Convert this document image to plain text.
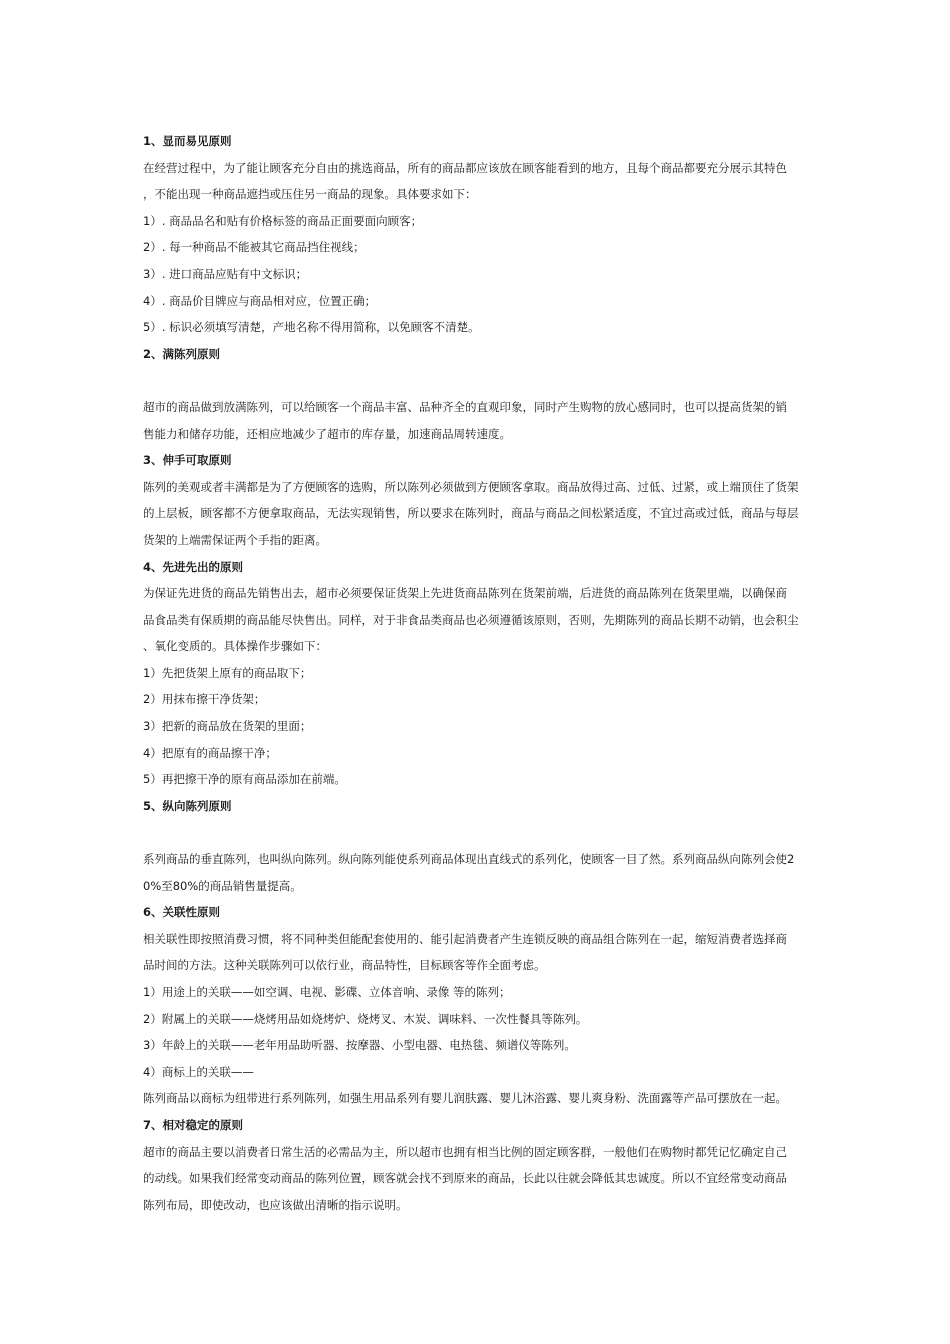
1、显而易见原则
在经营过程中，为了能让顾客充分自由的挑选商品，所有的商品都应该放在顾客能看到的地方，且每个商品都要充分展示其特色
，不能出现一种商品遮挡或压住另一商品的现象。具体要求如下：
1）. 商品品名和贴有价格标签的商品正面要面向顾客；
2）. 每一种商品不能被其它商品挡住视线；
3）. 进口商品应贴有中文标识；
4）. 商品价目牌应与商品相对应，位置正确；
5）. 标识必须填写清楚，产地名称不得用简称，以免顾客不清楚。
2、满陈列原则
超市的商品做到放满陈列，可以给顾客一个商品丰富、品种齐全的直观印象，同时产生购物的放心感同时，也可以提高货架的销
售能力和储存功能，还相应地减少了超市的库存量，加速商品周转速度。
3、伸手可取原则
陈列的美观或者丰满都是为了方便顾客的选购，所以陈列必须做到方便顾客拿取。商品放得过高、过低、过紧，或上端顶住了货架
的上层板，顾客都不方便拿取商品，无法实现销售，所以要求在陈列时，商品与商品之间松紧适度，不宜过高或过低，商品与每层
货架的上端需保证两个手指的距离。
4、先进先出的原则
为保证先进货的商品先销售出去，超市必须要保证货架上先进货商品陈列在货架前端，后进货的商品陈列在货架里端，以确保商
品食品类有保质期的商品能尽快售出。同样，对于非食品类商品也必须遵循该原则，否则，先期陈列的商品长期不动销，也会积尘
、氧化变质的。具体操作步骤如下：
1）先把货架上原有的商品取下；
2）用抹布擦干净货架；
3）把新的商品放在货架的里面；
4）把原有的商品擦干净；
5）再把擦干净的原有商品添加在前端。
5、纵向陈列原则
系列商品的垂直陈列，也叫纵向陈列。纵向陈列能使系列商品体现出直线式的系列化，使顾客一目了然。系列商品纵向陈列会使2
0%至80%的商品销售量提高。
6、关联性原则
相关联性即按照消费习惯，将不同种类但能配套使用的、能引起消费者产生连锁反映的商品组合陈列在一起，缩短消费者选择商
品时间的方法。这种关联陈列可以依行业，商品特性，目标顾客等作全面考虑。
1）用途上的关联——如空调、电视、影碟、立体音响、录像 等的陈列；
2）附属上的关联——烧烤用品如烧烤炉、烧烤叉、木炭、调味料、一次性餐具等陈列。
3）年龄上的关联——老年用品助听器、按摩器、小型电器、电热毯、频谱仪等陈列。
4）商标上的关联——
陈列商品以商标为纽带进行系列陈列，如强生用品系列有婴儿润肤露、婴儿沐浴露、婴儿爽身粉、洗面露等产品可摆放在一起。
7、相对稳定的原则
超市的商品主要以消费者日常生活的必需品为主，所以超市也拥有相当比例的固定顾客群，一般他们在购物时都凭记忆确定自己
的动线。如果我们经常变动商品的陈列位置，顾客就会找不到原来的商品，长此以往就会降低其忠诚度。所以不宜经常变动商品
陈列布局，即使改动，也应该做出清晰的指示说明。
